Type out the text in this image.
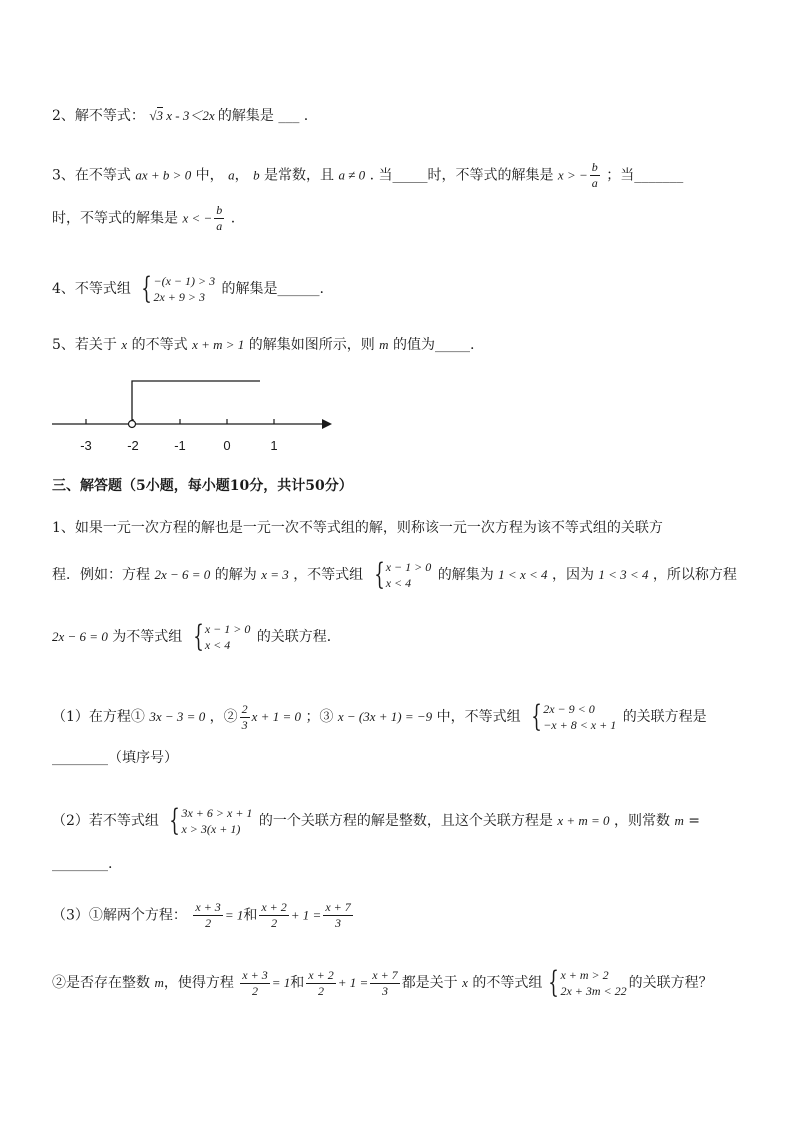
2、解不等式： √3 x - 3＜2x 的解集是 ___ .
3、在不等式 ax + b > 0 中， a， b 是常数，且 a ≠ 0 . 当_____时，不等式的解集是 x > − $\frac{b}{a}$ ；当_______
时，不等式的解集是 x < − $\frac{b}{a}$ .
4、不等式组 { −(x − 1) > 3
2x + 9 > 3	的解集是______.
5、若关于 x 的不等式 x + m > 1 的解集如图所示，则 m 的值为_____.
-3	-2	-1	0	1
三、解答题（5小题，每小题10分，共计50分）
1、如果一元一次方程的解也是一元一次不等式组的解，则称该一元一次方程为该不等式组的关联方
程．例如：方程 2x − 6 = 0 的解为 x = 3 ，不等式组 { x − 1 > 0
x < 4	的解集为 1 < x < 4 ，因为 1 < 3 < 4 ，所以称方程
2x − 6 = 0 为不等式组 { x − 1 > 0
x < 4	的关联方程．
（1）在方程① 3x − 3 = 0 ，② $\frac{2}{3}$ x + 1 = 0 ；③ x − (3x + 1) = −9 中，不等式组 { 2x − 9 < 0
−x + 8 < x + 1 的关联方程是
________（填序号）
（2）若不等式组 { 3x + 6 > x + 1
x > 3(x + 1)	的一个关联方程的解是整数，且这个关联方程是 x + m = 0 ，则常数 m =
________.
（3）①解两个方程： $\frac{x + 3}{2} = 1$和 $\frac{x + 2}{2} + 1 = \frac{x + 7}{3}$
②是否存在整数 m，使得方程 $\frac{x + 3}{2} = 1$和 $\frac{x + 2}{2} + 1 = \frac{x + 7}{3}$ 都是关于 x 的不等式组 { x + m > 2
2x + 3m < 22 的关联方程？
